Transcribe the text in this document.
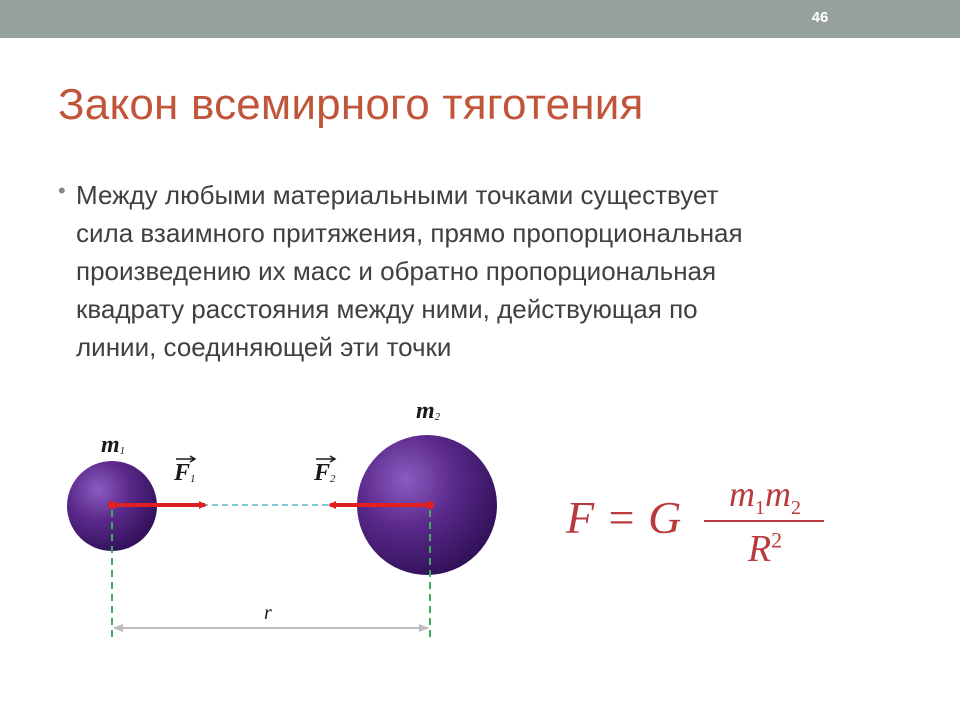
46
Закон всемирного тяготения
• Между любыми материальными точками существует
сила взаимного притяжения, прямо пропорциональная
произведению их масс и обратно пропорциональная
квадрату расстояния между ними, действующая по
линии, соединяющей эти точки
$m_1$
$m_2$
$F_1$	$F_2$
r
F = G	$m_1m_2$
$R^2$
